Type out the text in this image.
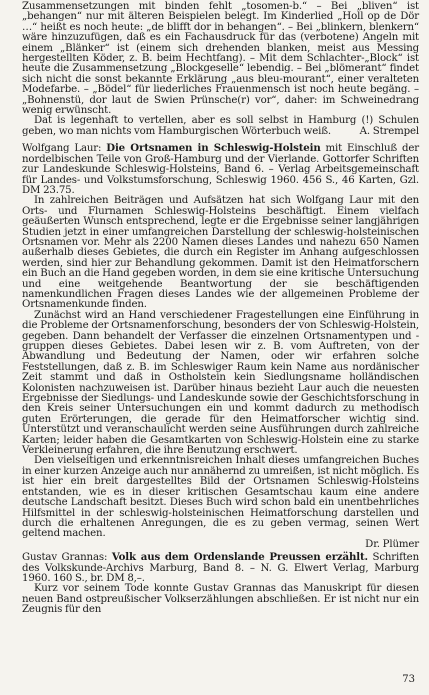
Zusammensetzungen mit binden fehlt „tosomen-b.“ – Bei „bliven“ ist „behangen“ nur mit älteren Beispielen belegt. Im Kinderlied „Holl op de Dör …“ heißt es noch heute: „de blifft dor in behangen“. – Bei „blinkern, blenkern“ wäre hinzuzufügen, daß es ein Fachausdruck für das (verbotene) Angeln mit einem „Blänker“ ist (einem sich drehenden blanken, meist aus Messing hergestellten Köder, z. B. beim Hechtfang). – Mit dem Schlachter-„Block“ ist heute die Zusammensetzung „Blockgeselle“ lebendig. – Bei „blömerant“ findet sich nicht die sonst bekannte Erklärung „aus bleu-mourant“, einer veralteten Modefarbe. – „Bödel“ für liederliches Frauenmensch ist noch heute begäng. – „Bohnenstü, dor laut de Swien Prünsche(r) vor“, daher: im Schweinedrang wenig erwünscht.

Dat is legenhaft to vertellen, aber es soll selbst in Hamburg (!) Schulen geben, wo man nichts vom Hamburgischen Wörterbuch weiß.	A. Strempel

Wolfgang Laur: Die Ortsnamen in Schleswig-Holstein mit Einschluß der nordelbischen Teile von Groß-Hamburg und der Vierlande. Gottorfer Schriften zur Landeskunde Schleswig-Holsteins, Band 6. – Verlag Arbeitsgemeinschaft für Landes- und Volkstumsforschung, Schleswig 1960. 456 S., 46 Karten, Gzl. DM 23.75.

In zahlreichen Beiträgen und Aufsätzen hat sich Wolfgang Laur mit den Orts- und Flurnamen Schleswig-Holsteins beschäftigt. Einem vielfach geäußerten Wunsch entsprechend, legte er die Ergebnisse seiner langjährigen Studien jetzt in einer umfangreichen Darstellung der schleswig-holsteinischen Ortsnamen vor. Mehr als 2200 Namen dieses Landes und nahezu 650 Namen außerhalb dieses Gebietes, die durch ein Register im Anhang aufgeschlossen werden, sind hier zur Behandlung gekommen. Damit ist den Heimatforschern ein Buch an die Hand gegeben worden, in dem sie eine kritische Untersuchung und eine weitgehende Beantwortung der sie beschäftigenden namenkundlichen Fragen dieses Landes wie der allgemeinen Probleme der Ortsnamenkunde finden.

Zunächst wird an Hand verschiedener Fragestellungen eine Einführung in die Probleme der Ortsnamenforschung, besonders der von Schleswig-Holstein, gegeben. Dann behandelt der Verfasser die einzelnen Ortsnamentypen und -gruppen dieses Gebietes. Dabei lesen wir z. B. vom Auftreten, von der Abwandlung und Bedeutung der Namen, oder wir erfahren solche Feststellungen, daß z. B. im Schleswiger Raum kein Name aus nordänischer Zeit stammt und daß in Ostholstein kein Siedlungsname holländischen Kolonisten nachzuweisen ist. Darüber hinaus bezieht Laur auch die neuesten Ergebnisse der Siedlungs- und Landeskunde sowie der Geschichtsforschung in den Kreis seiner Untersuchungen ein und kommt dadurch zu methodisch guten Erörterungen, die gerade für den Heimatforscher wichtig sind. Unterstützt und veranschaulicht werden seine Ausführungen durch zahlreiche Karten; leider haben die Gesamtkarten von Schleswig-Holstein eine zu starke Verkleinerung erfahren, die ihre Benutzung erschwert.

Den vielseitigen und erkenntnisreichen Inhalt dieses umfangreichen Buches in einer kurzen Anzeige auch nur annähernd zu umreißen, ist nicht möglich. Es ist hier ein breit dargestelltes Bild der Ortsnamen Schleswig-Holsteins entstanden, wie es in dieser kritischen Gesamtschau kaum eine andere deutsche Landschaft besitzt. Dieses Buch wird schon bald ein unentbehrliches Hilfsmittel in der schleswig-holsteinischen Heimatforschung darstellen und durch die erhaltenen Anregungen, die es zu geben vermag, seinen Wert geltend machen.

Dr. Plümer

Gustav Grannas: Volk aus dem Ordenslande Preussen erzählt. Schriften des Volkskunde-Archivs Marburg, Band 8. – N. G. Elwert Verlag, Marburg 1960. 160 S., br. DM 8,–.

Kurz vor seinem Tode konnte Gustav Grannas das Manuskript für diesen neuen Band ostpreußischer Volkserzählungen abschließen. Er ist nicht nur ein Zeugnis für den

73
